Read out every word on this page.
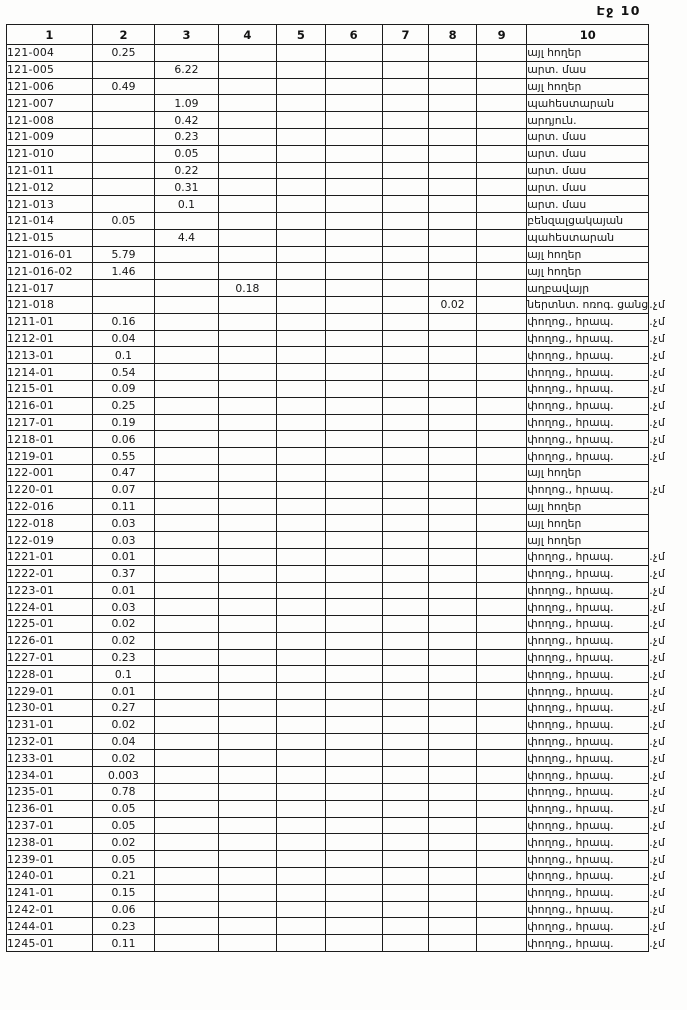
Էջ 10
1	2	3	4	5	6	7	8	9	10	
121-004	0.25								այլ հողեր	
121-005		6.22							արտ. մաս	
121-006	0.49								այլ հողեր	
121-007		1.09							պահեստարան	
121-008		0.42							արդյուն.	
121-009		0.23							արտ. մաս	
121-010		0.05							արտ. մաս	
121-011		0.22							արտ. մաս	
121-012		0.31							արտ. մաս	
121-013		0.1							արտ. մաս	
121-014	0.05								բենզալցակայան	
121-015		4.4							պահեստարան	
121-016-01	5.79								այլ հողեր	
121-016-02	1.46								այլ հողեր	
121-017			0.18						աղբավայր	
121-018							0.02		ներտնտ. ոռոգ. ցանց	.չմ
1211-01	0.16								փողոց., հրապ.	.չմ
1212-01	0.04								փողոց., հրապ.	.չմ
1213-01	0.1								փողոց., հրապ.	.չմ
1214-01	0.54								փողոց., հրապ.	.չմ
1215-01	0.09								փողոց., հրապ.	.չմ
1216-01	0.25								փողոց., հրապ.	.չմ
1217-01	0.19								փողոց., հրապ.	.չմ
1218-01	0.06								փողոց., հրապ.	.չմ
1219-01	0.55								փողոց., հրապ.	.չմ
122-001	0.47								այլ հողեր	
1220-01	0.07								փողոց., հրապ.	.չմ
122-016	0.11								այլ հողեր	
122-018	0.03								այլ հողեր	
122-019	0.03								այլ հողեր	
1221-01	0.01								փողոց., հրապ.	.չմ
1222-01	0.37								փողոց., հրապ.	.չմ
1223-01	0.01								փողոց., հրապ.	.չմ
1224-01	0.03								փողոց., հրապ.	.չմ
1225-01	0.02								փողոց., հրապ.	.չմ
1226-01	0.02								փողոց., հրապ.	.չմ
1227-01	0.23								փողոց., հրապ.	.չմ
1228-01	0.1								փողոց., հրապ.	.չմ
1229-01	0.01								փողոց., հրապ.	.չմ
1230-01	0.27								փողոց., հրապ.	.չմ
1231-01	0.02								փողոց., հրապ.	.չմ
1232-01	0.04								փողոց., հրապ.	.չմ
1233-01	0.02								փողոց., հրապ.	.չմ
1234-01	0.003								փողոց., հրապ.	.չմ
1235-01	0.78								փողոց., հրապ.	.չմ
1236-01	0.05								փողոց., հրապ.	.չմ
1237-01	0.05								փողոց., հրապ.	.չմ
1238-01	0.02								փողոց., հրապ.	.չմ
1239-01	0.05								փողոց., հրապ.	.չմ
1240-01	0.21								փողոց., հրապ.	.չմ
1241-01	0.15								փողոց., հրապ.	.չմ
1242-01	0.06								փողոց., հրապ.	.չմ
1244-01	0.23								փողոց., հրապ.	.չմ
1245-01	0.11								փողոց., հրապ.	.չմ
